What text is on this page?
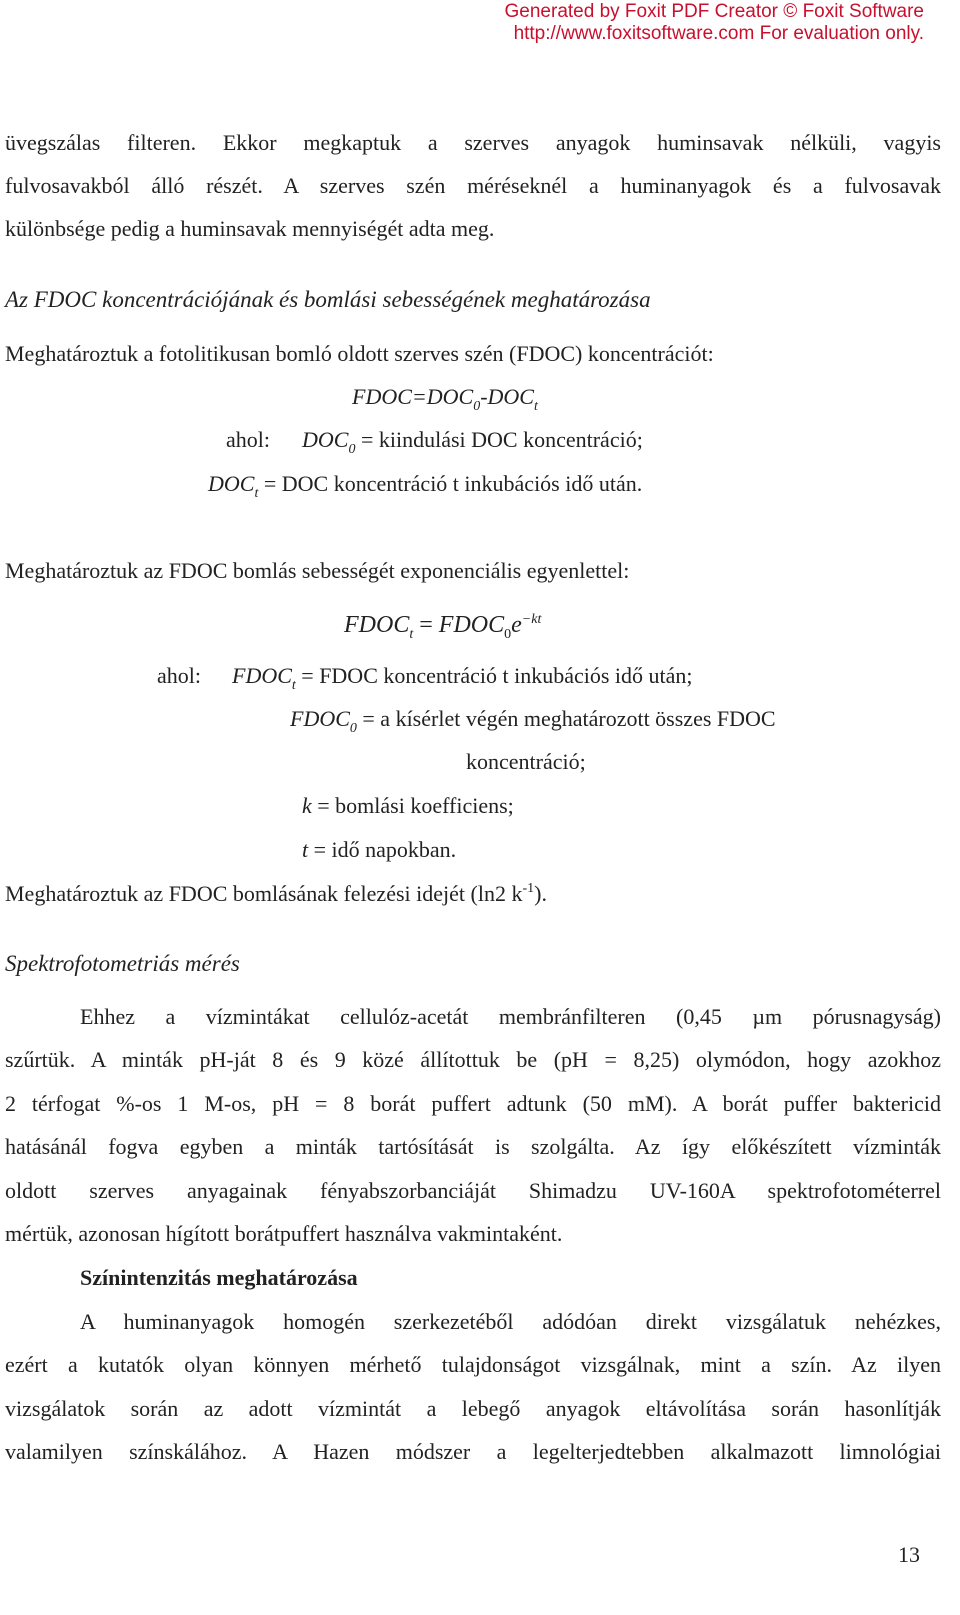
Generated by Foxit PDF Creator © Foxit Software
http://www.foxitsoftware.com For evaluation only.
üvegszálas filteren. Ekkor megkaptuk a szerves anyagok huminsavak nélküli, vagyis
fulvosavakból álló részét. A szerves szén méréseknél a huminanyagok és a fulvosavak
különbsége pedig a huminsavak mennyiségét adta meg.
Az FDOC koncentrációjának és bomlási sebességének meghatározása
Meghatároztuk a fotolitikusan bomló oldott szerves szén (FDOC) koncentrációt:
$FDOC=DOC_0-DOC_t$
ahol: $DOC_0$ = kiindulási DOC koncentráció;
$DOC_t$ = DOC koncentráció t inkubációs idő után.
Meghatároztuk az FDOC bomlás sebességét exponenciális egyenlettel:
$FDOC_t$ = $FDOC_0e^{-kt}$
ahol: $FDOC_t$ = FDOC koncentráció t inkubációs idő után;
$FDOC_0 = a$ kísérlet végén meghatározott összes FDOC
koncentráció;
k = bomlási koefficiens;
t = idő napokban.
Meghatároztuk az FDOC bomlásának felezési idejét (ln2 $k^{-1}$).
Spektrofotometriás mérés
Ehhez a vízmintákat cellulóz-acetát membránfilteren (0,45 µm pórusnagyság)
szűrtük. A minták pH-ját 8 és 9 közé állítottuk be (pH = 8,25) olymódon, hogy azokhoz
2 térfogat %-os 1 M-os, pH = 8 borát puffert adtunk (50 mM). A borát puffer baktericid
hatásánál fogva egyben a minták tartósítását is szolgálta. Az így előkészített vízminták
oldott szerves anyagainak fényabszorbanciáját Shimadzu UV-160A spektrofotométerrel
mértük, azonosan hígított borátpuffert használva vakmintaként.
Színintenzitás meghatározása
A huminanyagok homogén szerkezetéből adódóan direkt vizsgálatuk nehézkes,
ezért a kutatók olyan könnyen mérhető tulajdonságot vizsgálnak, mint a szín. Az ilyen
vizsgálatok során az adott vízmintát a lebegő anyagok eltávolítása során hasonlítják
valamilyen színskálához. A Hazen módszer a legelterjedtebben alkalmazott limnológiai
13
